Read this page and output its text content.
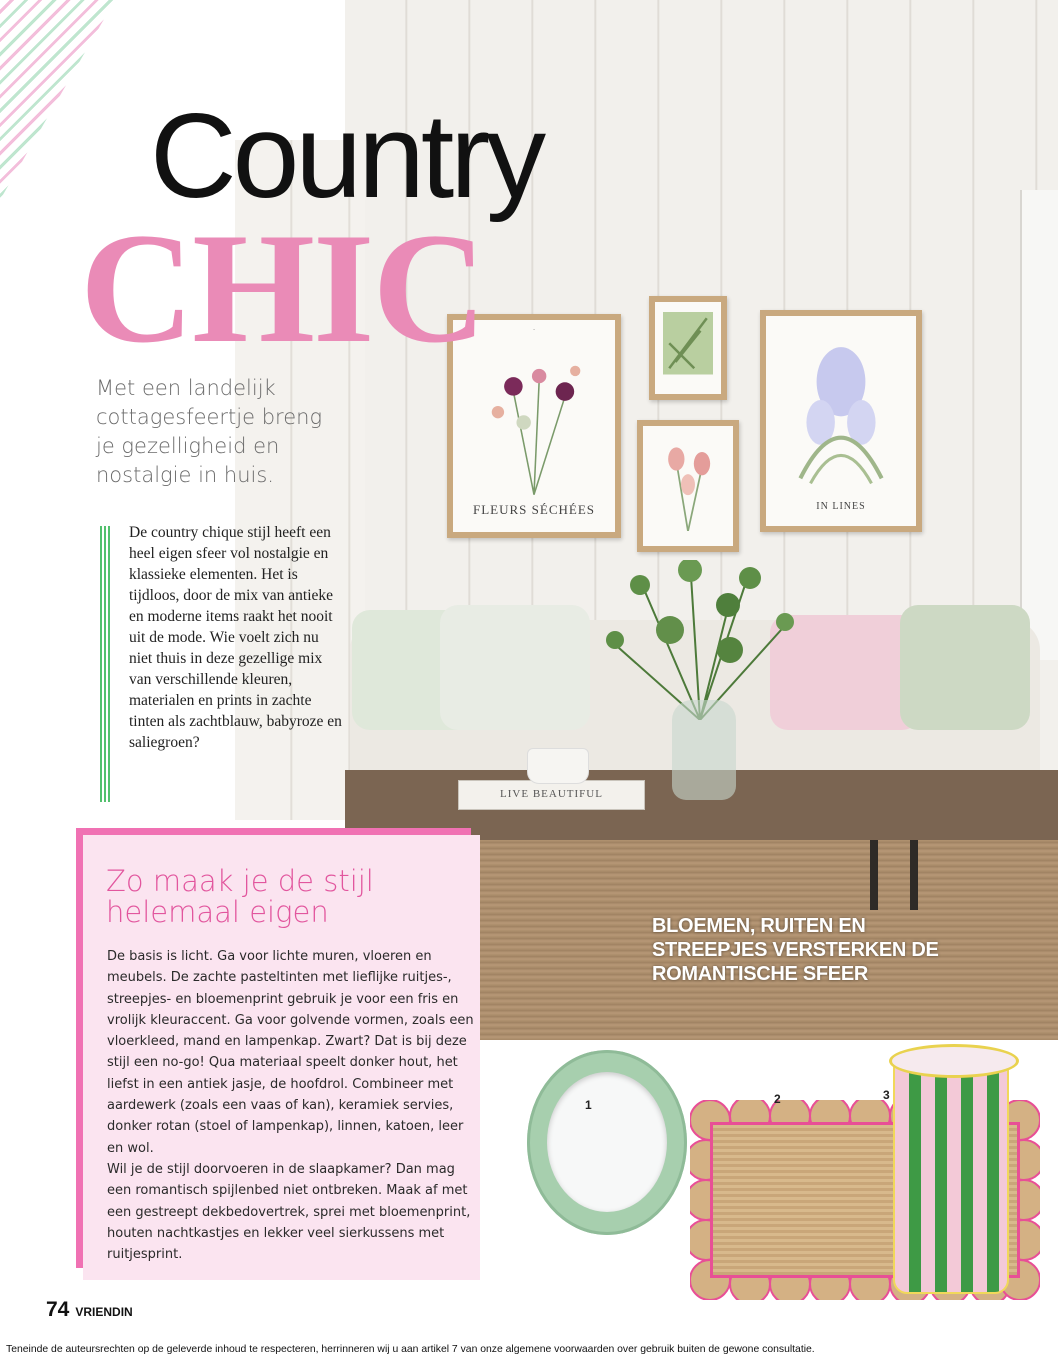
·
FLEURS SÉCHÉES	IN LINES
LIVE BEAUTIFUL
Country
CHIC
Met een landelijk cottagesfeertje breng je gezelligheid en nostalgie in huis.
De country chique stijl heeft een heel eigen sfeer vol nostalgie en klassieke elementen. Het is tijdloos, door de mix van antieke en moderne items raakt het nooit uit de mode. Wie voelt zich nu niet thuis in deze gezellige mix van verschillende kleuren, materialen en prints in zachte tinten als zachtblauw, babyroze en saliegroen?
Zo maak je de stijl helemaal eigen
De basis is licht. Ga voor lichte muren, vloeren en meubels. De zachte pasteltinten met lieflijke ruitjes-, streepjes- en bloemenprint gebruik je voor een fris en vrolijk kleuraccent. Ga voor golvende vormen, zoals een vloerkleed, mand en lampenkap. Zwart? Dat is bij deze stijl een no-go! Qua materiaal speelt donker hout, het liefst in een antiek jasje, de hoofdrol. Combineer met aardewerk (zoals een vaas of kan), keramiek servies, donker rotan (stoel of lampenkap), linnen, katoen, leer en wol.
Wil je de stijl doorvoeren in de slaapkamer? Dan mag een romantisch spijlenbed niet ontbreken. Maak af met een gestreept dekbedovertrek, sprei met bloemenprint, houten nachtkastjes en lekker veel sierkussens met ruitjesprint.
BLOEMEN, RUITEN EN STREEPJES VERSTERKEN DE ROMANTISCHE SFEER
1	2	3
74 VRIENDIN
Teneinde de auteursrechten op de geleverde inhoud te respecteren, herrinneren wij u aan artikel 7 van onze algemene voorwaarden over gebruik buiten de gewone consultatie.
